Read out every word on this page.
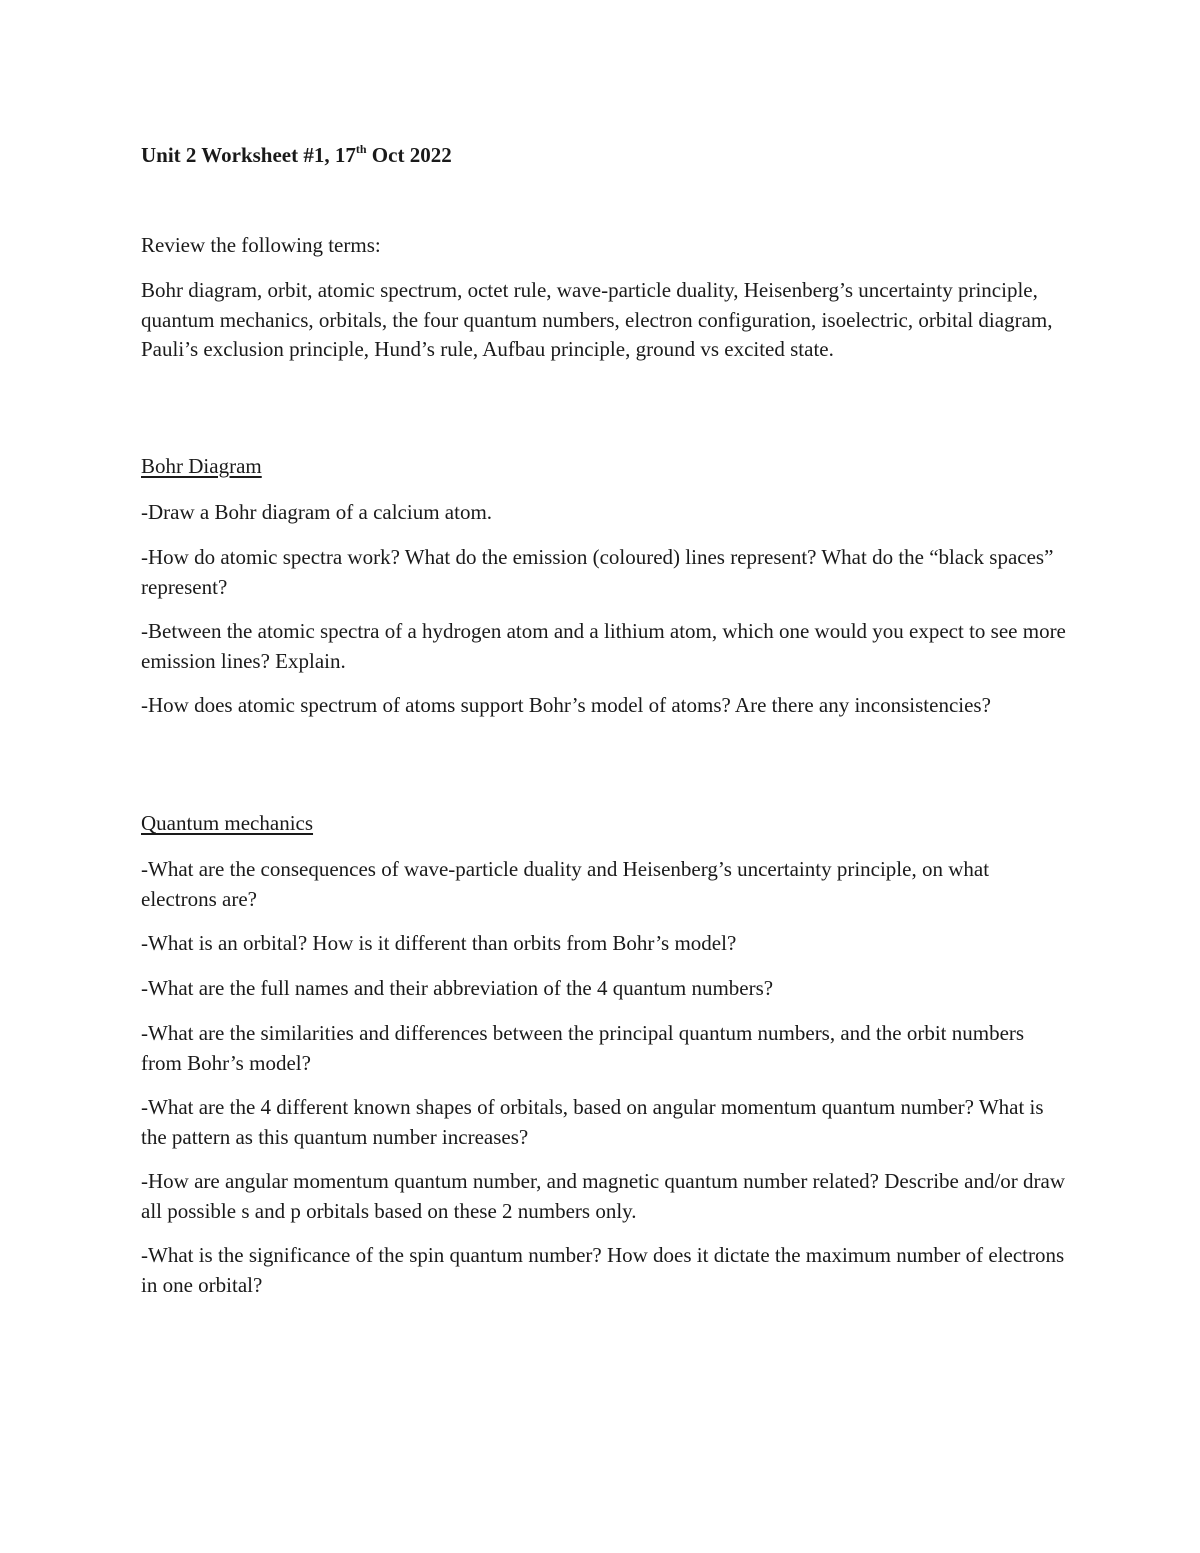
Unit 2 Worksheet #1, 17th Oct 2022
Review the following terms:
Bohr diagram, orbit, atomic spectrum, octet rule, wave-particle duality, Heisenberg’s uncertainty principle, quantum mechanics, orbitals, the four quantum numbers, electron configuration, isoelectric, orbital diagram, Pauli’s exclusion principle, Hund’s rule, Aufbau principle, ground vs excited state.
Bohr Diagram
-Draw a Bohr diagram of a calcium atom.
-How do atomic spectra work? What do the emission (coloured) lines represent? What do the “black spaces” represent?
-Between the atomic spectra of a hydrogen atom and a lithium atom, which one would you expect to see more emission lines? Explain.
-How does atomic spectrum of atoms support Bohr’s model of atoms? Are there any inconsistencies?
Quantum mechanics
-What are the consequences of wave-particle duality and Heisenberg’s uncertainty principle, on what electrons are?
-What is an orbital? How is it different than orbits from Bohr’s model?
-What are the full names and their abbreviation of the 4 quantum numbers?
-What are the similarities and differences between the principal quantum numbers, and the orbit numbers from Bohr’s model?
-What are the 4 different known shapes of orbitals, based on angular momentum quantum number? What is the pattern as this quantum number increases?
-How are angular momentum quantum number, and magnetic quantum number related? Describe and/or draw all possible s and p orbitals based on these 2 numbers only.
-What is the significance of the spin quantum number? How does it dictate the maximum number of electrons in one orbital?
